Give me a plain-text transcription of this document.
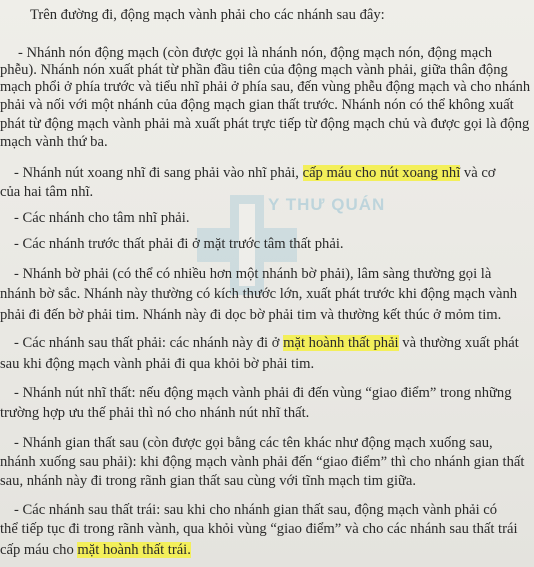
Y THƯ QUÁN
Trên đường đi, động mạch vành phải cho các nhánh sau đây:
- Nhánh nón động mạch (còn được gọi là nhánh nón, động mạch nón, động mạch
phễu). Nhánh nón xuất phát từ phần đầu tiên của động mạch vành phải, giữa thân động
mạch phổi ở phía trước và tiểu nhĩ phải ở phía sau, đến vùng phễu động mạch và cho nhánh
phải và nối với một nhánh của động mạch gian thất trước. Nhánh nón có thể không xuất
phát từ động mạch vành phải mà xuất phát trực tiếp từ động mạch chủ và được gọi là động
mạch vành thứ ba.
- Nhánh nút xoang nhĩ đi sang phải vào nhĩ phải, cấp máu cho nút xoang nhĩ và cơ
của hai tâm nhĩ.
- Các nhánh cho tâm nhĩ phải.
- Các nhánh trước thất phải đi ở mặt trước tâm thất phải.
- Nhánh bờ phải (có thể có nhiều hơn một nhánh bờ phải), lâm sàng thường gọi là
nhánh bờ sắc. Nhánh này thường có kích thước lớn, xuất phát trước khi động mạch vành
phải đi đến bờ phải tim. Nhánh này đi dọc bờ phải tim và thường kết thúc ở mỏm tim.
- Các nhánh sau thất phải: các nhánh này đi ở mặt hoành thất phải và thường xuất phát
sau khi động mạch vành phải đi qua khỏi bờ phải tim.
- Nhánh nút nhĩ thất: nếu động mạch vành phải đi đến vùng “giao điểm” trong những
trường hợp ưu thế phải thì nó cho nhánh nút nhĩ thất.
- Nhánh gian thất sau (còn được gọi bằng các tên khác như động mạch xuống sau,
nhánh xuống sau phải): khi động mạch vành phải đến “giao điểm” thì cho nhánh gian thất
sau, nhánh này đi trong rãnh gian thất sau cùng với tĩnh mạch tim giữa.
- Các nhánh sau thất trái: sau khi cho nhánh gian thất sau, động mạch vành phải có
thể tiếp tục đi trong rãnh vành, qua khỏi vùng “giao điểm” và cho các nhánh sau thất trái
cấp máu cho mặt hoành thất trái.
